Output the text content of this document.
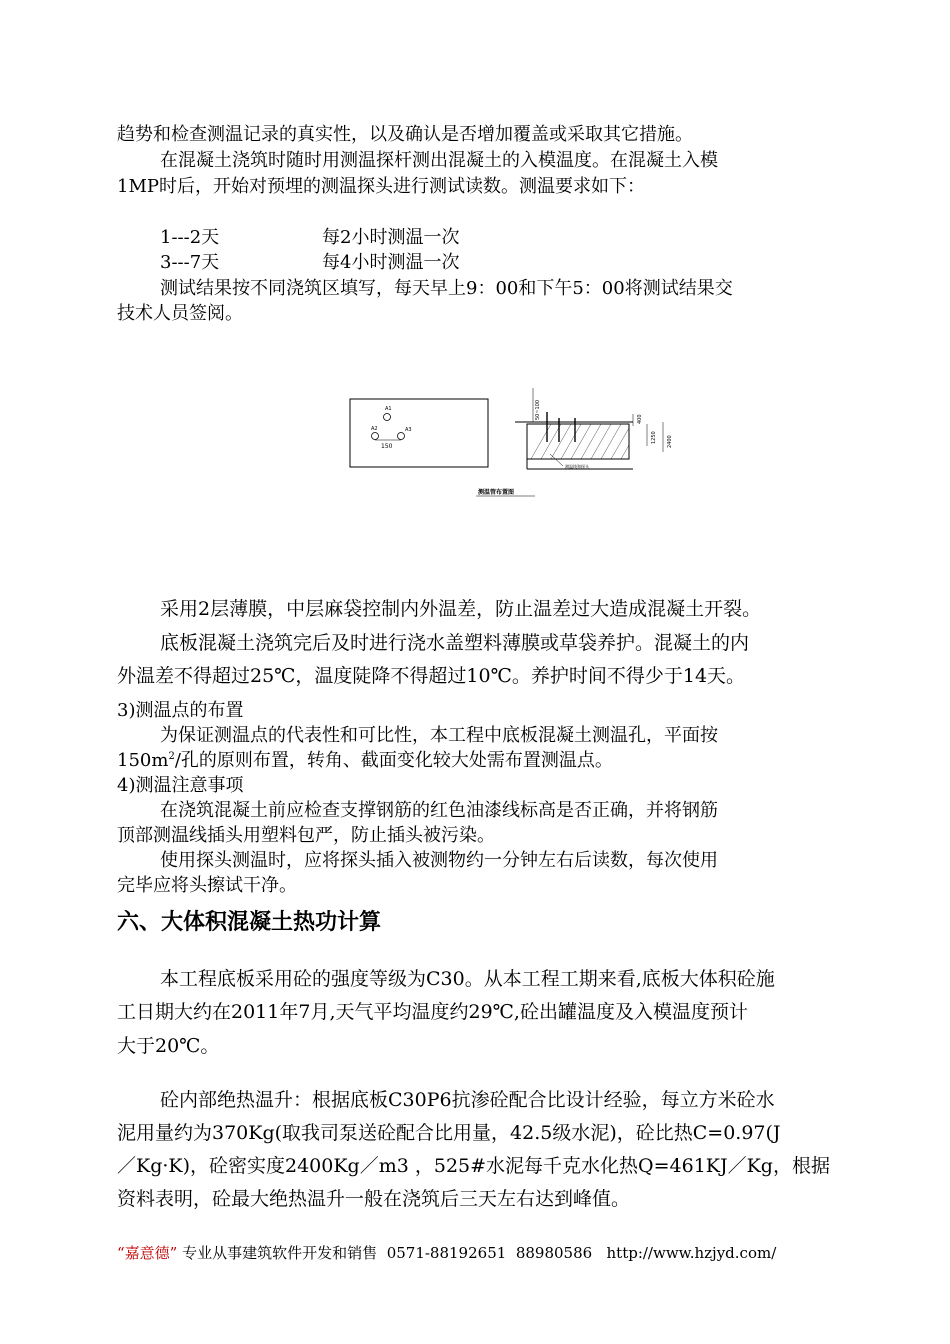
趋势和检查测温记录的真实性，以及确认是否增加覆盖或采取其它措施。
在混凝土浇筑时随时用测温探杆测出混凝土的入模温度。在混凝土入模
1MP时后，开始对预埋的测温探头进行测试读数。测温要求如下：
1---2天	每2小时测温一次
3---7天	每4小时测温一次
测试结果按不同浇筑区填写，每天早上9：00和下午5：00将测试结果交
技术人员签阅。
A1
A2	A3
150
50~100	400
1250 2400
测温线和探头
测温管布置图
采用2层薄膜，中层麻袋控制内外温差，防止温差过大造成混凝土开裂。
底板混凝土浇筑完后及时进行浇水盖塑料薄膜或草袋养护。混凝土的内
外温差不得超过25℃，温度陡降不得超过10℃。养护时间不得少于14天。
3)测温点的布置
为保证测温点的代表性和可比性，本工程中底板混凝土测温孔，平面按
$150m^2/$孔的原则布置，转角、截面变化较大处需布置测温点。
4)测温注意事项
在浇筑混凝土前应检查支撑钢筋的红色油漆线标高是否正确，并将钢筋
顶部测温线插头用塑料包严，防止插头被污染。
使用探头测温时，应将探头插入被测物约一分钟左右后读数，每次使用
完毕应将头擦试干净。
六、大体积混凝土热功计算
本工程底板采用砼的强度等级为C30。从本工程工期来看,底板大体积砼施
工日期大约在2011年7月,天气平均温度约29℃,砼出罐温度及入模温度预计
大于20℃。
砼内部绝热温升：根据底板C30P6抗渗砼配合比设计经验，每立方米砼水
泥用量约为370Kg(取我司泵送砼配合比用量，42.5级水泥)，砼比热C=0.97(J
／Kg·K)，砼密实度2400Kg／m3 ，525#水泥每千克水化热Q=461KJ／Kg，根据
资料表明，砼最大绝热温升一般在浇筑后三天左右达到峰值。
“嘉意德” 专业从事建筑软件开发和销售 0571-88192651 88980586 http://www.hzjyd.com/
